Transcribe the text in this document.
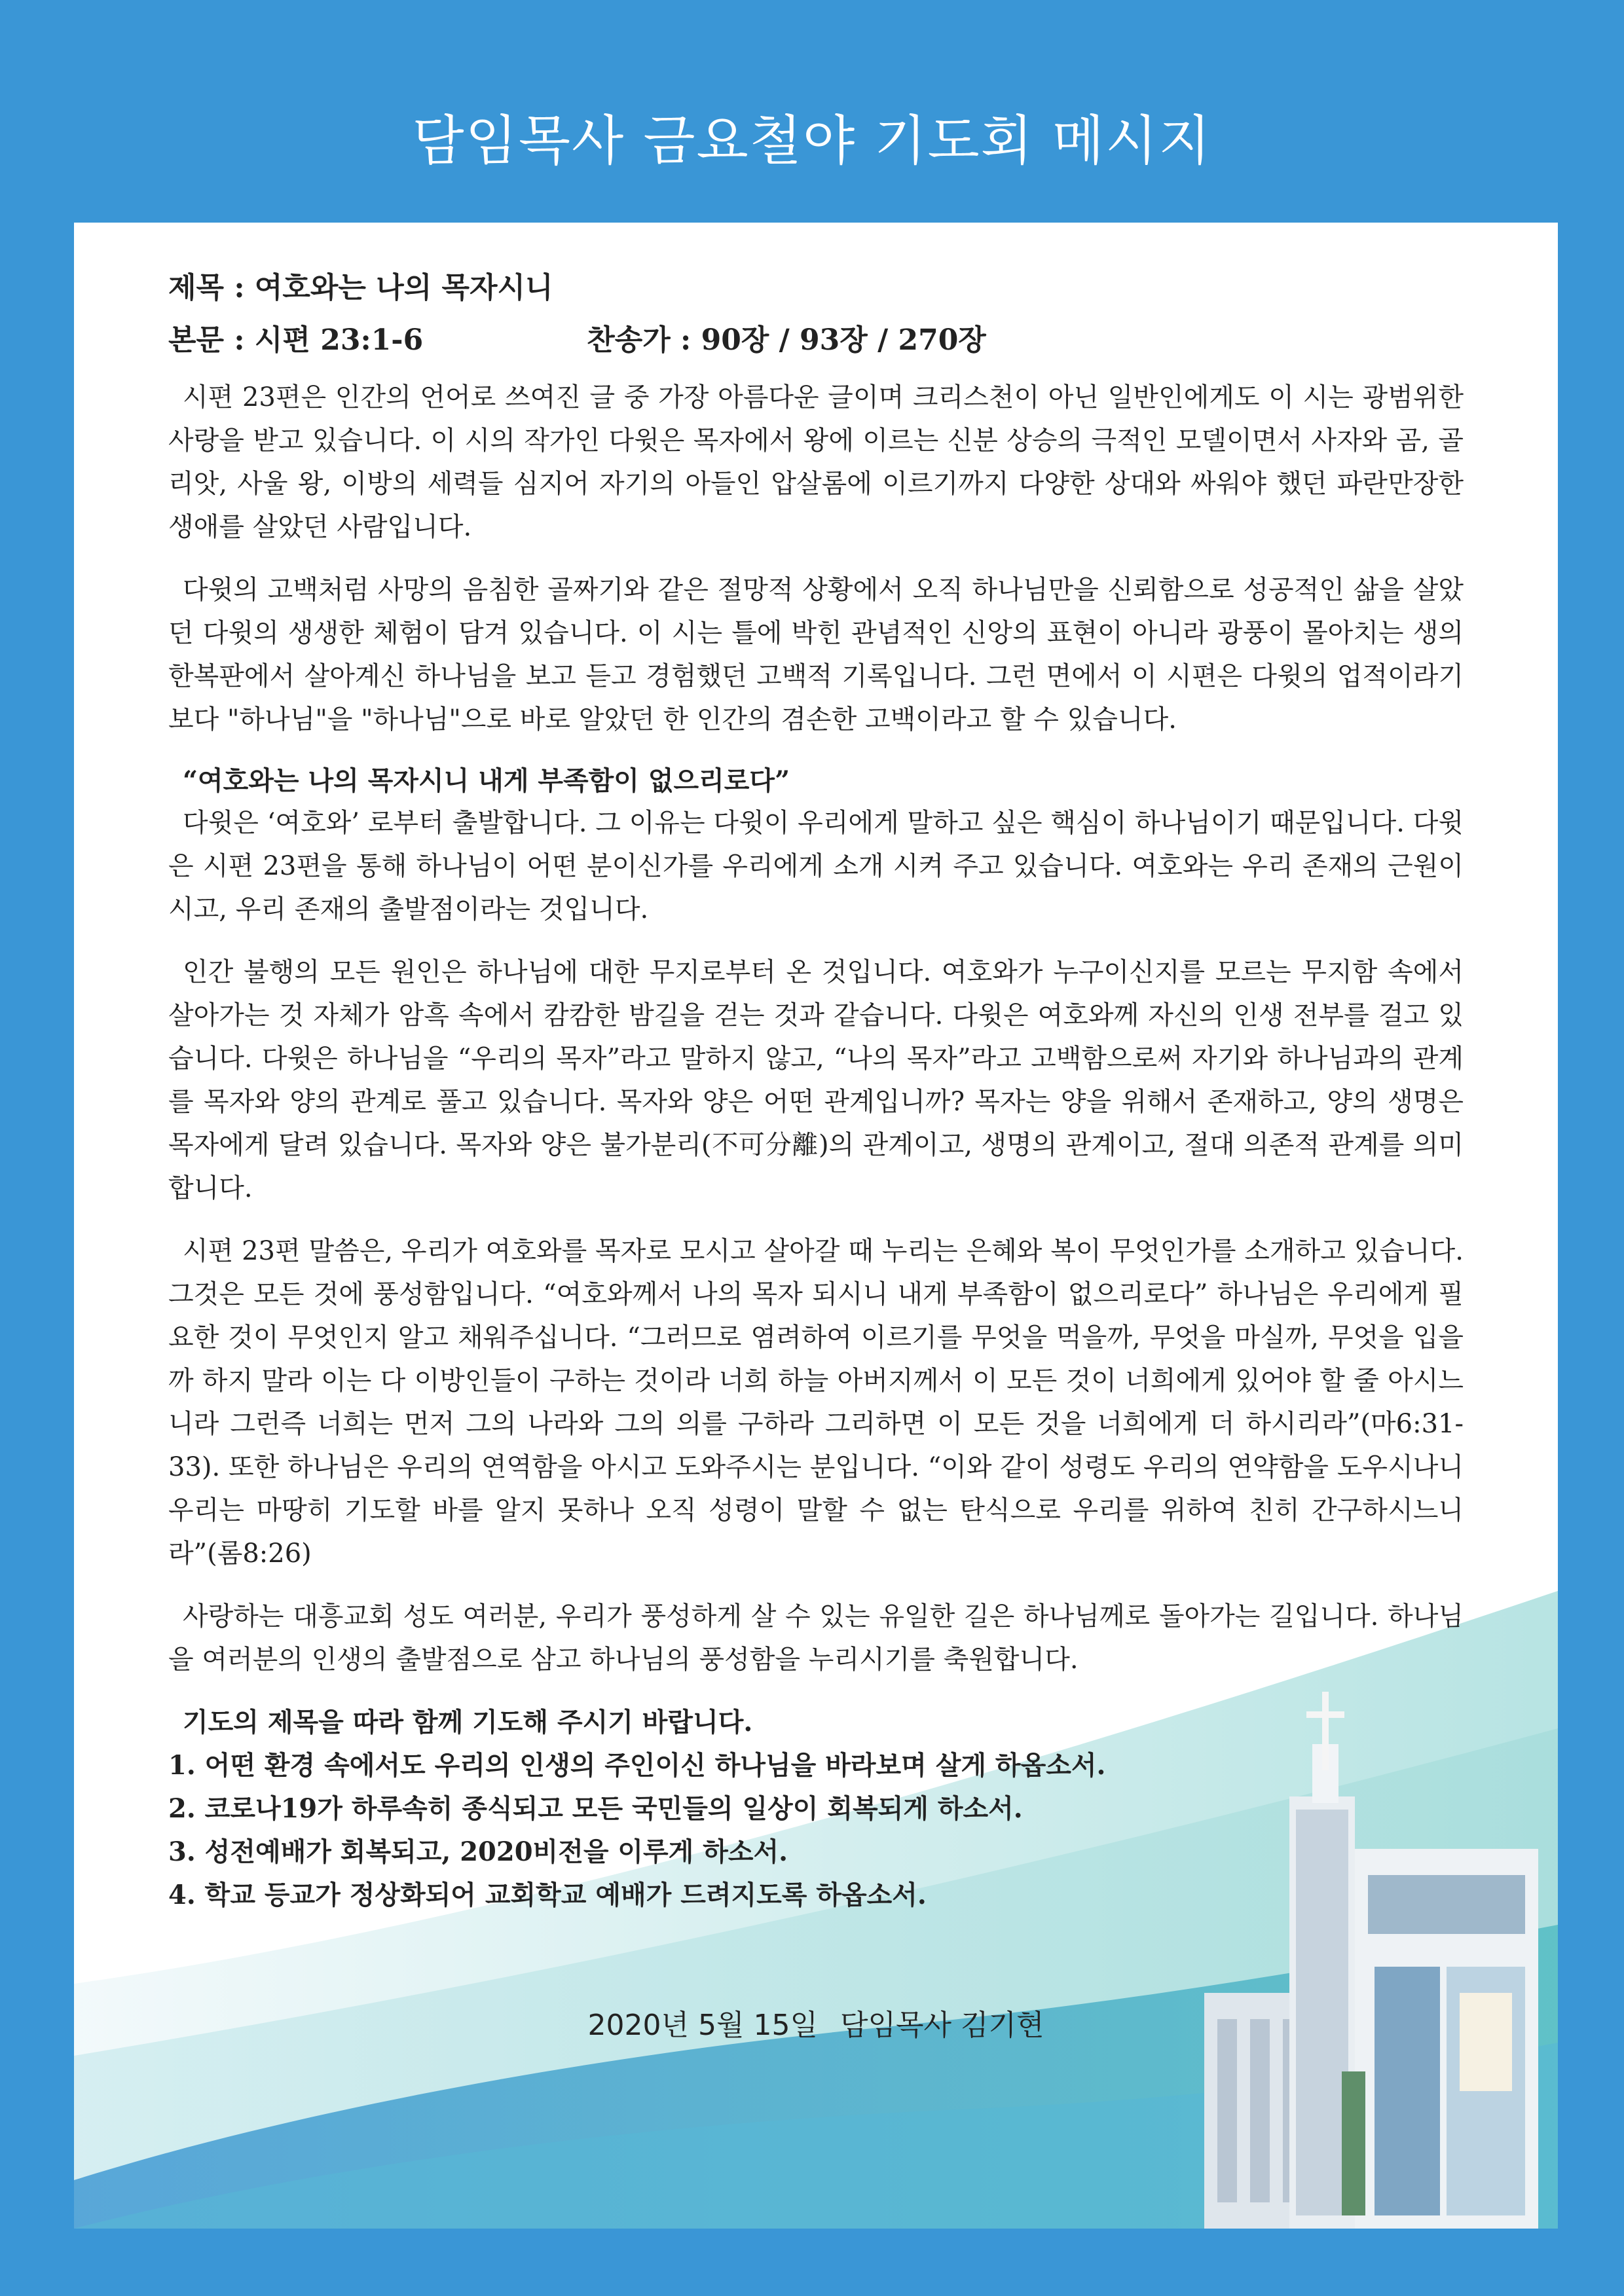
담임목사 금요철야 기도회 메시지
제목 : 여호와는 나의 목자시니
본문 : 시편 23:1-6	찬송가 : 90장 / 93장 / 270장

시편 23편은 인간의 언어로 쓰여진 글 중 가장 아름다운 글이며 크리스천이 아닌 일반인에게도 이 시는 광범위한 사랑을 받고 있습니다. 이 시의 작가인 다윗은 목자에서 왕에 이르는 신분 상승의 극적인 모델이면서 사자와 곰, 골리앗, 사울 왕, 이방의 세력들 심지어 자기의 아들인 압살롬에 이르기까지 다양한 상대와 싸워야 했던 파란만장한 생애를 살았던 사람입니다.

다윗의 고백처럼 사망의 음침한 골짜기와 같은 절망적 상황에서 오직 하나님만을 신뢰함으로 성공적인 삶을 살았던 다윗의 생생한 체험이 담겨 있습니다. 이 시는 틀에 박힌 관념적인 신앙의 표현이 아니라 광풍이 몰아치는 생의 한복판에서 살아계신 하나님을 보고 듣고 경험했던 고백적 기록입니다. 그런 면에서 이 시편은 다윗의 업적이라기보다 "하나님"을 "하나님"으로 바로 알았던 한 인간의 겸손한 고백이라고 할 수 있습니다.

“여호와는 나의 목자시니 내게 부족함이 없으리로다”

다윗은 ‘여호와’ 로부터 출발합니다. 그 이유는 다윗이 우리에게 말하고 싶은 핵심이 하나님이기 때문입니다. 다윗은 시편 23편을 통해 하나님이 어떤 분이신가를 우리에게 소개 시켜 주고 있습니다. 여호와는 우리 존재의 근원이시고, 우리 존재의 출발점이라는 것입니다.

인간 불행의 모든 원인은 하나님에 대한 무지로부터 온 것입니다. 여호와가 누구이신지를 모르는 무지함 속에서 살아가는 것 자체가 암흑 속에서 캄캄한 밤길을 걷는 것과 같습니다. 다윗은 여호와께 자신의 인생 전부를 걸고 있습니다. 다윗은 하나님을 “우리의 목자”라고 말하지 않고, “나의 목자”라고 고백함으로써 자기와 하나님과의 관계를 목자와 양의 관계로 풀고 있습니다. 목자와 양은 어떤 관계입니까? 목자는 양을 위해서 존재하고, 양의 생명은 목자에게 달려 있습니다. 목자와 양은 불가분리(不可分離)의 관계이고, 생명의 관계이고, 절대 의존적 관계를 의미합니다.

시편 23편 말씀은, 우리가 여호와를 목자로 모시고 살아갈 때 누리는 은혜와 복이 무엇인가를 소개하고 있습니다. 그것은 모든 것에 풍성함입니다. “여호와께서 나의 목자 되시니 내게 부족함이 없으리로다” 하나님은 우리에게 필요한 것이 무엇인지 알고 채워주십니다. “그러므로 염려하여 이르기를 무엇을 먹을까, 무엇을 마실까, 무엇을 입을까 하지 말라 이는 다 이방인들이 구하는 것이라 너희 하늘 아버지께서 이 모든 것이 너희에게 있어야 할 줄 아시느니라 그런즉 너희는 먼저 그의 나라와 그의 의를 구하라 그리하면 이 모든 것을 너희에게 더 하시리라”(마6:31-33). 또한 하나님은 우리의 연역함을 아시고 도와주시는 분입니다. “이와 같이 성령도 우리의 연약함을 도우시나니 우리는 마땅히 기도할 바를 알지 못하나 오직 성령이 말할 수 없는 탄식으로 우리를 위하여 친히 간구하시느니라”(롬8:26)

사랑하는 대흥교회 성도 여러분, 우리가 풍성하게 살 수 있는 유일한 길은 하나님께로 돌아가는 길입니다. 하나님을 여러분의 인생의 출발점으로 삼고 하나님의 풍성함을 누리시기를 축원합니다.

기도의 제목을 따라 함께 기도해 주시기 바랍니다.

1. 어떤 환경 속에서도 우리의 인생의 주인이신 하나님을 바라보며 살게 하옵소서.
2. 코로나19가 하루속히 종식되고 모든 국민들의 일상이 회복되게 하소서.
3. 성전예배가 회복되고, 2020비전을 이루게 하소서.
4. 학교 등교가 정상화되어 교회학교 예배가 드려지도록 하옵소서.
2020년 5월 15일 담임목사 김기현
